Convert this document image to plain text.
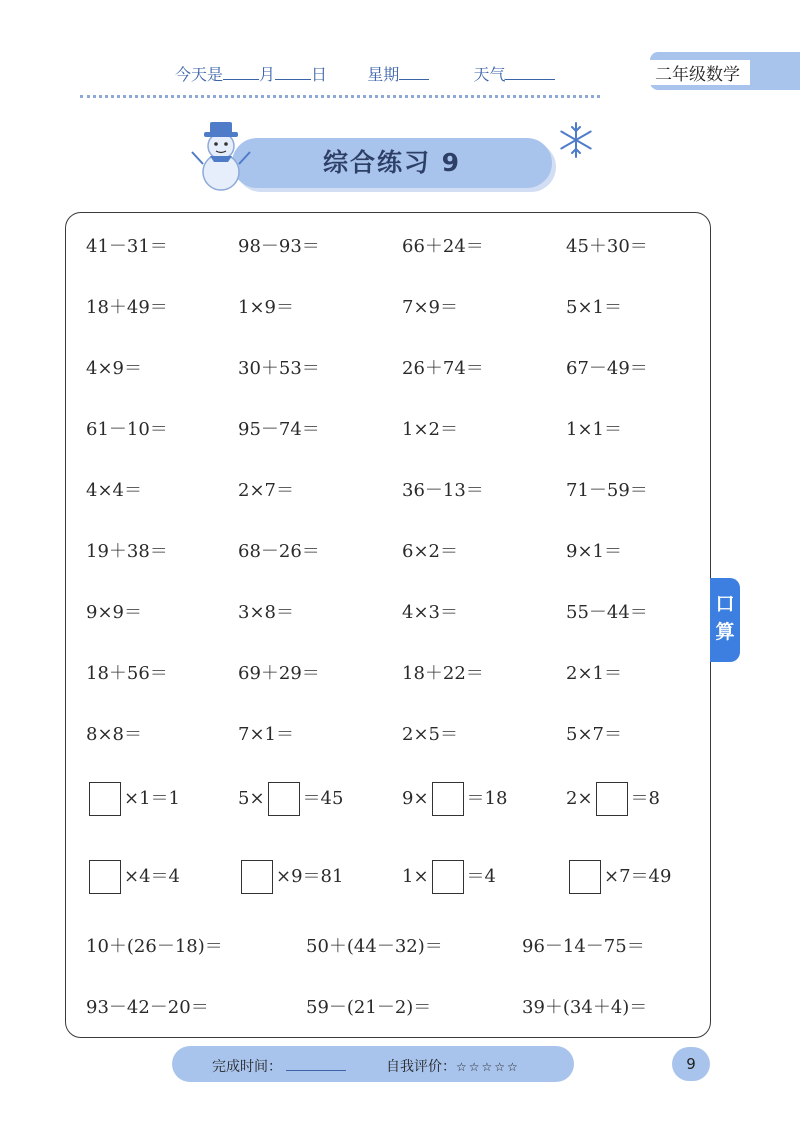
今天是 月 日	星期	天气	二年级数学
综合练习 9
41－31＝	98－93＝	66＋24＝	45＋30＝
18＋49＝	1×9＝	7×9＝	5×1＝
4×9＝	30＋53＝	26＋74＝	67－49＝
61－10＝	95－74＝	1×2＝	1×1＝
4×4＝	2×7＝	36－13＝	71－59＝
19＋38＝	68－26＝	6×2＝	9×1＝
9×9＝	3×8＝	4×3＝	55－44＝
18＋56＝	69＋29＝	18＋22＝	2×1＝
8×8＝	7×1＝	2×5＝	5×7＝
×1＝1	5× ＝45	9× ＝18	2× ＝8
×4＝4	×9＝81	1× ＝4	×7＝49
10＋(26－18)＝	50＋(44－32)＝	96－14－75＝
93－42－20＝	59－(21－2)＝	39＋(34＋4)＝
口
算
完成时间：	自我评价：☆☆☆☆☆	9
